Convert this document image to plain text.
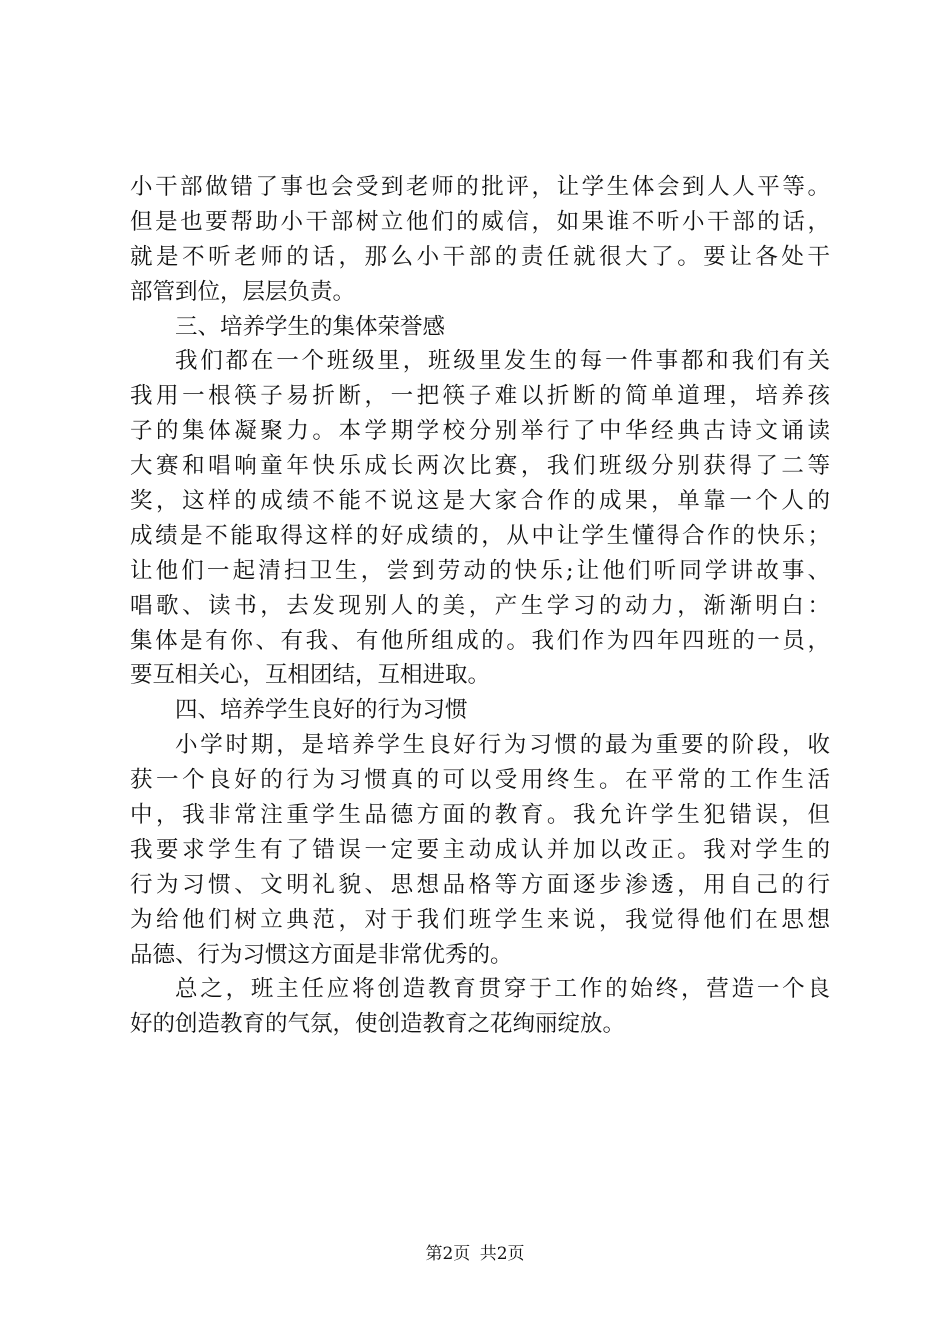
小干部做错了事也会受到老师的批评，让学生体会到人人平等。
但是也要帮助小干部树立他们的威信，如果谁不听小干部的话，
就是不听老师的话，那么小干部的责任就很大了。要让各处干
部管到位，层层负责。
三、培养学生的集体荣誉感
我们都在一个班级里，班级里发生的每一件事都和我们有关
我用一根筷子易折断，一把筷子难以折断的简单道理，培养孩
子的集体凝聚力。本学期学校分别举行了中华经典古诗文诵读
大赛和唱响童年快乐成长两次比赛，我们班级分别获得了二等
奖，这样的成绩不能不说这是大家合作的成果，单靠一个人的
成绩是不能取得这样的好成绩的，从中让学生懂得合作的快乐；
让他们一起清扫卫生，尝到劳动的快乐;让他们听同学讲故事、
唱歌、读书，去发现别人的美，产生学习的动力，渐渐明白：
集体是有你、有我、有他所组成的。我们作为四年四班的一员，
要互相关心，互相团结，互相进取。
四、培养学生良好的行为习惯
小学时期，是培养学生良好行为习惯的最为重要的阶段，收
获一个良好的行为习惯真的可以受用终生。在平常的工作生活
中，我非常注重学生品德方面的教育。我允许学生犯错误，但
我要求学生有了错误一定要主动成认并加以改正。我对学生的
行为习惯、文明礼貌、思想品格等方面逐步渗透，用自己的行
为给他们树立典范，对于我们班学生来说，我觉得他们在思想
品德、行为习惯这方面是非常优秀的。
总之，班主任应将创造教育贯穿于工作的始终，营造一个良
好的创造教育的气氛，使创造教育之花绚丽绽放。
第2页 共2页
